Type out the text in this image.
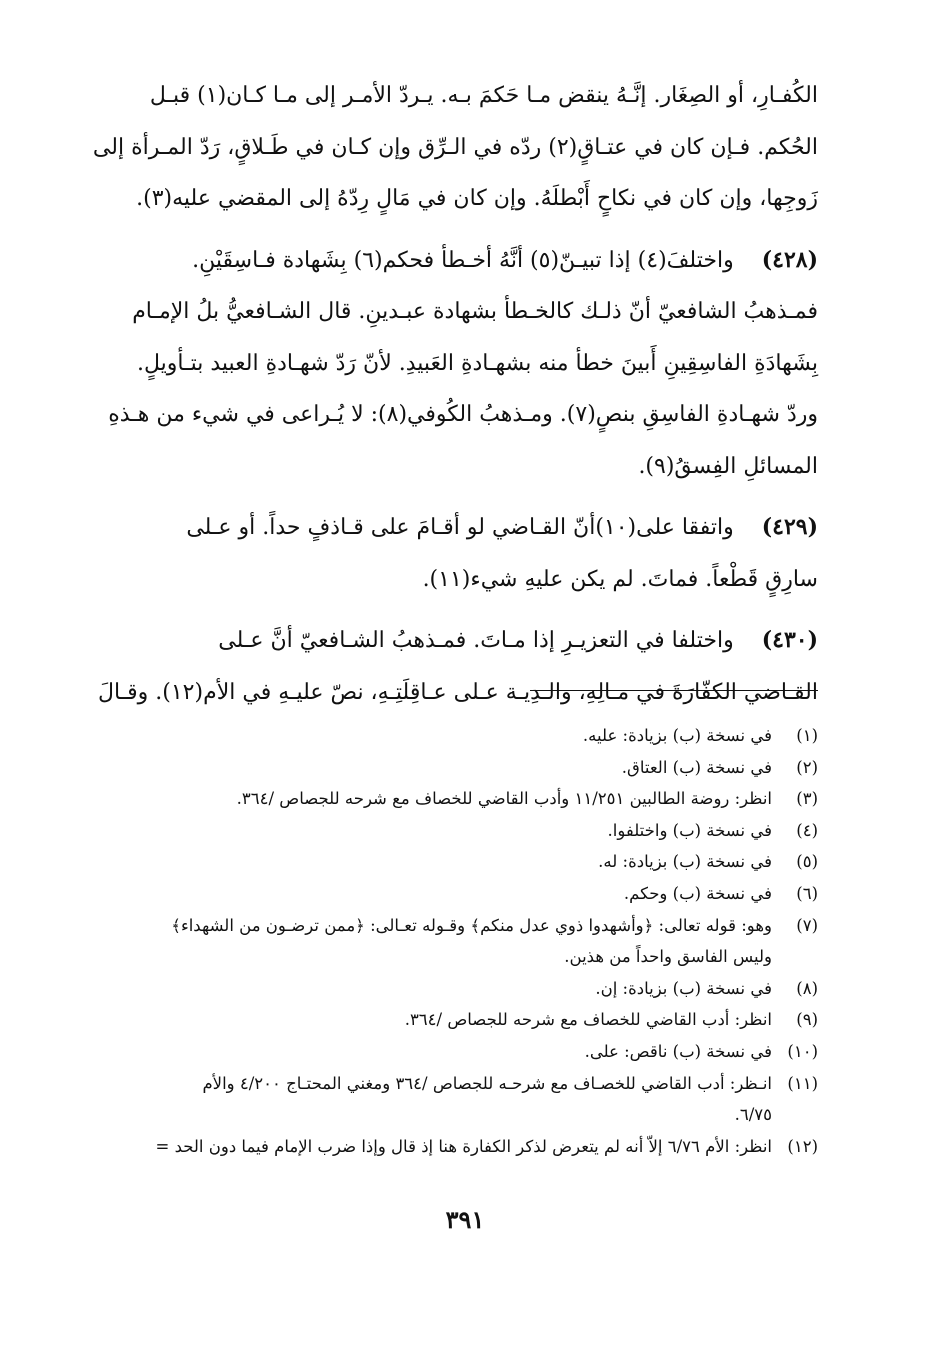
الكُفـارِ، أو الصِغَار. إنَّـهُ ينقض مـا حَكمَ بـه. يـردّ الأمـر إلى مـا كـان(١) قبـل
الحُكم. فـإن كان في عتـاقٍ(٢) ردّه في الـرِّق وإن كـان في طَـلاقٍ، رَدّ المـرأة إلى
زَوجِها، وإن كان في نكاحٍ أَبْطلَهُ. وإن كان في مَالٍ رِدّهُ إلى المقضي عليه(٣).
(٤٢٨)واختلفَ(٤) إذا تبيـنّ(٥) أنَّهُ أخـطأ فحكم(٦) بِشَهادة فـاسِقَيْنِ.
فمـذهبُ الشافعيّ أنّ ذلـك كالخـطأ بشهادة عبـدينِ. قال الشـافعيُّ بلُ الإمـام
بِشَهادَةِ الفاسِقِينِ أَبينَ خطأ منه بشهـادةِ العَبيدِ. لأنّ رَدّ شهـادةِ العبيد بتـأويلٍ.
وردّ شهـادةِ الفاسِقِ بنصٍ(٧). ومـذهبُ الكُوفي(٨): لا يُـراعى في شيء من هـذهِ
المسائلِ الفِسقُ(٩).
(٤٢٩)واتفقا على(١٠)أنّ القـاضي لو أقـامَ على قـاذفٍ حداً. أو عـلى
سارِقٍ قَطْعاً. فماتَ. لم يكن عليهِ شيء(١١).
(٤٣٠)واختلفا في التعزيـرِ إذا مـاتَ. فمـذهبُ الشـافعيّ أنَّ عـلى
القـاضي الكفّارَةَ في مـالِهِ، والـدِيـة عـلى عـاقِلَتِـهِ، نصّ عليـهِ في الأم(١٢). وقـالَ
(١)
في نسخة (ب) بزيادة: عليه.
(٢)
في نسخة (ب) العتاق.
(٣)
انظر: روضة الطالبين ١١/٢٥١ وأدب القاضي للخصاف مع شرحه للجصاص /٣٦٤.
(٤)
في نسخة (ب) واختلفوا.
(٥)
في نسخة (ب) بزيادة: له.
(٦)
في نسخة (ب) وحكم.
(٧)
وهو: قوله تعالى: ﴿وأشهدوا ذوي عدل منكم﴾ وقـوله تعـالى: ﴿ممن ترضـون من الشهداء﴾
وليس الفاسق واحداً من هذين.
(٨)
في نسخة (ب) بزيادة: إن.
(٩)
انظر: أدب القاضي للخصاف مع شرحه للجصاص /٣٦٤.
(١٠)
في نسخة (ب) ناقص: على.
(١١)
انـظر: أدب القاضي للخصـاف مع شرحـه للجصاص /٣٦٤ ومغني المحتـاج ٤/٢٠٠ والأم
٦/٧٥.
(١٢)
انظر: الأم ٦/٧٦ إلاّ أنه لم يتعرض لذكر الكفارة هنا إذ قال وإذا ضرب الإمام فيما دون الحد =
٣٩١
